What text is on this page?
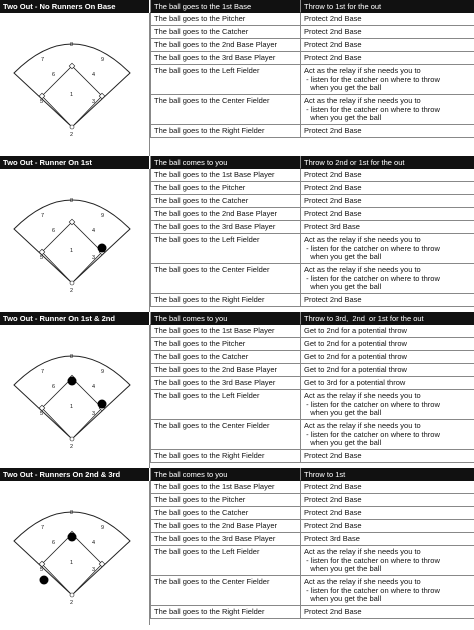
Two Out - No Runners On Base	The ball goes to the 1st Base	Throw to 1st for the out
The ball goes to the Pitcher	Protect 2nd Base
The ball goes to the Catcher	Protect 2nd Base
The ball goes to the 2nd Base Player	Protect 2nd Base
The ball goes to the 3rd Base Player	Protect 2nd Base
The ball goes to the Left Fielder	Act as the relay if she needs you to
- listen for the catcher on where to throw
when you get the ball
The ball goes to the Center Fielder	Act as the relay if she needs you to
- listen for the catcher on where to throw
when you get the ball
The ball goes to the Right Fielder	Protect 2nd Base
1
2
3
4
5
6
7
8
9
Two Out - Runner On 1st	The ball comes to you	Throw to 2nd or 1st for the out
The ball goes to the 1st Base Player	Protect 2nd Base
The ball goes to the Pitcher	Protect 2nd Base
The ball goes to the Catcher	Protect 2nd Base
The ball goes to the 2nd Base Player	Protect 2nd Base
The ball goes to the 3rd Base Player	Protect 3rd Base
The ball goes to the Left Fielder	Act as the relay if she needs you to
- listen for the catcher on where to throw
when you get the ball
The ball goes to the Center Fielder	Act as the relay if she needs you to
- listen for the catcher on where to throw
when you get the ball
The ball goes to the Right Fielder	Protect 2nd Base
1
2
3
4
5
6
7
8
9
Two Out - Runner On 1st & 2nd	The ball comes to you	Throw to 3rd,  2nd  or 1st for the out
The ball goes to the 1st Base Player	Get to 2nd for a potential throw
The ball goes to the Pitcher	Get to 2nd for a potential throw
The ball goes to the Catcher	Get to 2nd for a potential throw
The ball goes to the 2nd Base Player	Get to 2nd for a potential throw
The ball goes to the 3rd Base Player	Get to 3rd for a potential throw
The ball goes to the Left Fielder	Act as the relay if she needs you to
- listen for the catcher on where to throw
when you get the ball
The ball goes to the Center Fielder	Act as the relay if she needs you to
- listen for the catcher on where to throw
when you get the ball
The ball goes to the Right Fielder	Protect 2nd Base
1
2
3
4
5
6
7
8
9
Two Out - Runners On 2nd & 3rd	The ball comes to you	Throw to 1st
The ball goes to the 1st Base Player	Protect 2nd Base
The ball goes to the Pitcher	Protect 2nd Base
The ball goes to the Catcher	Protect 2nd Base
The ball goes to the 2nd Base Player	Protect 2nd Base
The ball goes to the 3rd Base Player	Protect 3rd Base
The ball goes to the Left Fielder	Act as the relay if she needs you to
- listen for the catcher on where to throw
when you get the ball
The ball goes to the Center Fielder	Act as the relay if she needs you to
- listen for the catcher on where to throw
when you get the ball
The ball goes to the Right Fielder	Protect 2nd Base
1
2
3
4
5
6
7
8
9
